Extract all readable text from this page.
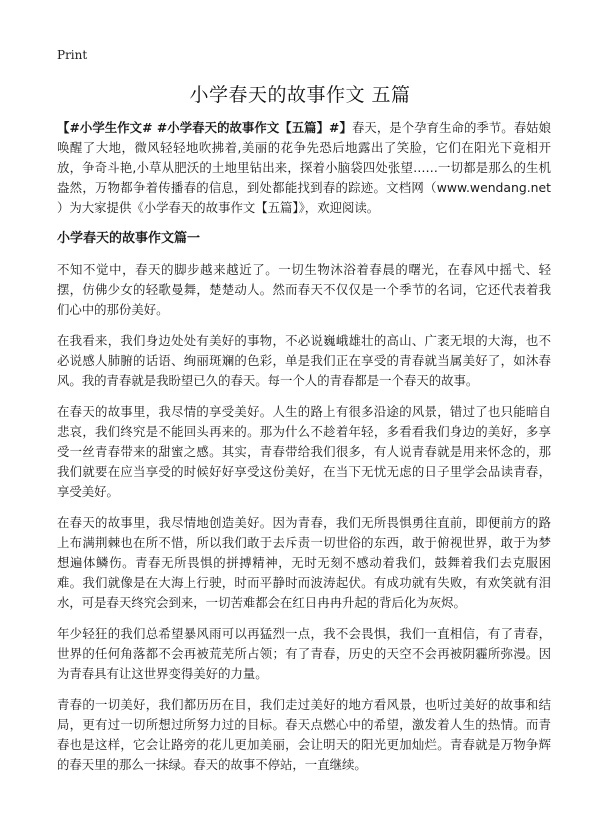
Print
小学春天的故事作文 五篇

【#小学生作文# #小学春天的故事作文【五篇】#】春天，是个孕育生命的季节。春姑娘唤醒了大地，微风轻轻地吹拂着,美丽的花争先恐后地露出了笑脸，它们在阳光下竟相开放，争奇斗艳,小草从肥沃的土地里钻出来，探着小脑袋四处张望……一切都是那么的生机盎然，万物都争着传播春的信息，到处都能找到春的踪迹。文档网（www.wendang.net ）为大家提供《小学春天的故事作文【五篇】》，欢迎阅读。

小学春天的故事作文篇一

不知不觉中，春天的脚步越来越近了。一切生物沐浴着春晨的曙光，在春风中摇弋、轻摆，仿佛少女的轻歌曼舞，楚楚动人。然而春天不仅仅是一个季节的名词，它还代表着我们心中的那份美好。

在我看来，我们身边处处有美好的事物，不必说巍峨雄壮的高山、广袤无垠的大海，也不必说感人肺腑的话语、绚丽斑斓的色彩，单是我们正在享受的青春就当属美好了，如沐春风。我的青春就是我盼望已久的春天。每一个人的青春都是一个春天的故事。

在春天的故事里，我尽情的享受美好。人生的路上有很多沿途的风景，错过了也只能暗自悲哀，我们终究是不能回头再来的。那为什么不趁着年轻，多看看我们身边的美好，多享受一丝青春带来的甜蜜之感。其实，青春带给我们很多，有人说青春就是用来怀念的，那我们就要在应当享受的时候好好享受这份美好，在当下无忧无虑的日子里学会品读青春，享受美好。

在春天的故事里，我尽情地创造美好。因为青春，我们无所畏惧勇往直前，即便前方的路上布满荆棘也在所不惜，所以我们敢于去斥责一切世俗的东西，敢于俯视世界，敢于为梦想遍体鳞伤。青春无所畏惧的拼搏精神，无时无刻不感动着我们，鼓舞着我们去克服困难。我们就像是在大海上行驶，时而平静时而波涛起伏。有成功就有失败，有欢笑就有泪水，可是春天终究会到来，一切苦难都会在红日冉冉升起的背后化为灰烬。

年少轻狂的我们总希望暴风雨可以再猛烈一点，我不会畏惧，我们一直相信，有了青春，世界的任何角落都不会再被荒芜所占领；有了青春，历史的天空不会再被阴霾所弥漫。因为青春具有让这世界变得美好的力量。

青春的一切美好，我们都历历在目，我们走过美好的地方看风景，也听过美好的故事和结局，更有过一切所想过所努力过的目标。春天点燃心中的希望，激发着人生的热情。而青春也是这样，它会让路旁的花儿更加美丽，会让明天的阳光更加灿烂。青春就是万物争辉的春天里的那么一抹绿。春天的故事不停站，一直继续。
